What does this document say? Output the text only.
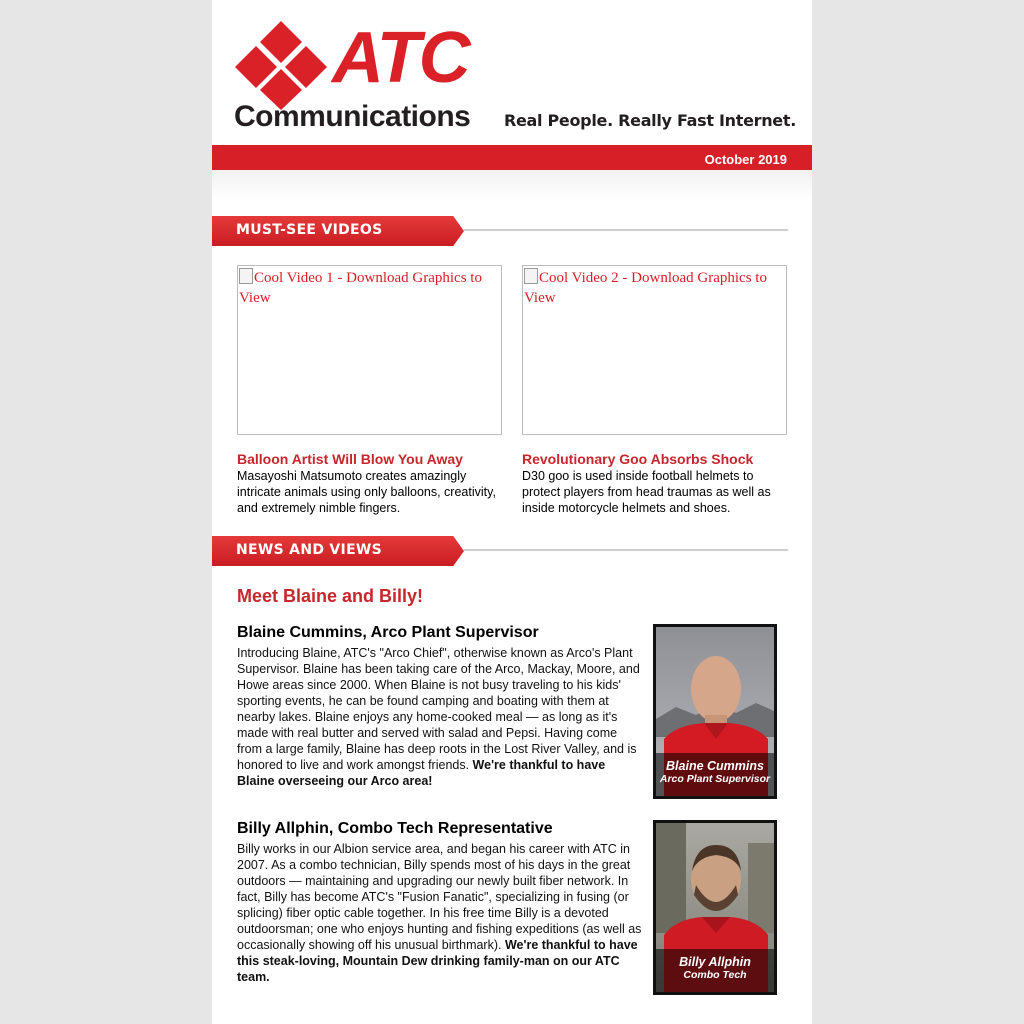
ATC
Communications Real People. Really Fast Internet.
October 2019
MUST-SEE VIDEOS
Cool Video 1 - Download Graphics to View
Balloon Artist Will Blow You Away
Masayoshi Matsumoto creates amazingly intricate animals using only balloons, creativity, and extremely nimble fingers.
Cool Video 2 - Download Graphics to View
Revolutionary Goo Absorbs Shock
D30 goo is used inside football helmets to protect players from head traumas as well as inside motorcycle helmets and shoes.
NEWS AND VIEWS
Meet Blaine and Billy!
Blaine Cummins, Arco Plant Supervisor
Introducing Blaine, ATC's "Arco Chief", otherwise known as Arco's Plant Supervisor. Blaine has been taking care of the Arco, Mackay, Moore, and Howe areas since 2000. When Blaine is not busy traveling to his kids' sporting events, he can be found camping and boating with them at nearby lakes. Blaine enjoys any home-cooked meal — as long as it's made with real butter and served with salad and Pepsi. Having come from a large family, Blaine has deep roots in the Lost River Valley, and is honored to live and work amongst friends. We're thankful to have Blaine overseeing our Arco area!
Blaine Cummins
Arco Plant Supervisor
Billy Allphin, Combo Tech Representative
Billy works in our Albion service area, and began his career with ATC in 2007. As a combo technician, Billy spends most of his days in the great outdoors — maintaining and upgrading our newly built fiber network. In fact, Billy has become ATC's "Fusion Fanatic", specializing in fusing (or splicing) fiber optic cable together. In his free time Billy is a devoted outdoorsman; one who enjoys hunting and fishing expeditions (as well as occasionally showing off his unusual birthmark). We're thankful to have this steak-loving, Mountain Dew drinking family-man on our ATC team.
Billy Allphin
Combo Tech
